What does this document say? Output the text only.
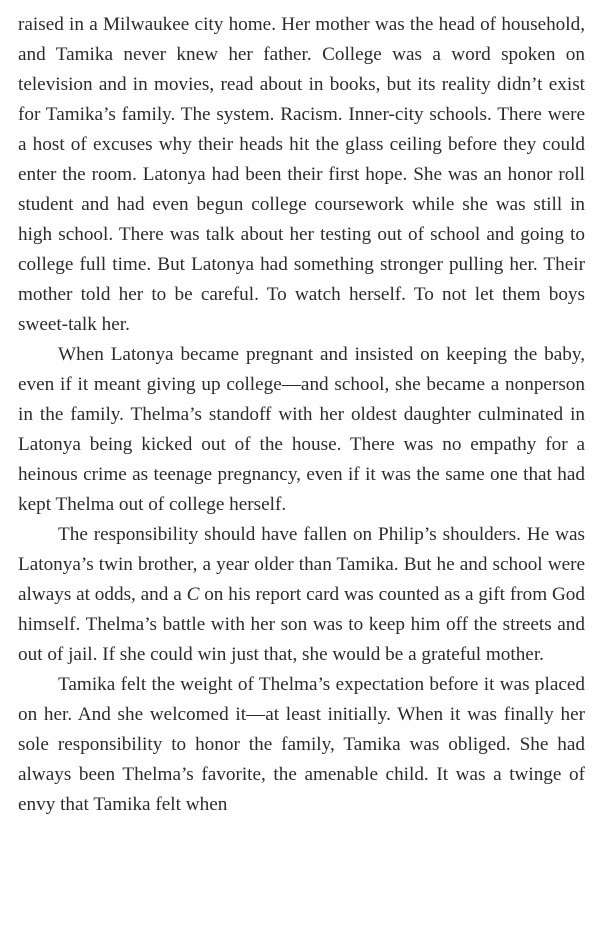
raised in a Milwaukee city home. Her mother was the head of household, and Tamika never knew her father. College was a word spoken on television and in movies, read about in books, but its reality didn’t exist for Tamika’s family. The system. Racism. Inner-city schools. There were a host of excuses why their heads hit the glass ceiling before they could enter the room. Latonya had been their first hope. She was an honor roll student and had even begun college coursework while she was still in high school. There was talk about her testing out of school and going to college full time. But Latonya had something stronger pulling her. Their mother told her to be careful. To watch herself. To not let them boys sweet-talk her.

When Latonya became pregnant and insisted on keeping the baby, even if it meant giving up college—and school, she became a nonperson in the family. Thelma’s standoff with her oldest daughter culminated in Latonya being kicked out of the house. There was no empathy for a heinous crime as teenage pregnancy, even if it was the same one that had kept Thelma out of college herself.

The responsibility should have fallen on Philip’s shoulders. He was Latonya’s twin brother, a year older than Tamika. But he and school were always at odds, and a C on his report card was counted as a gift from God himself. Thelma’s battle with her son was to keep him off the streets and out of jail. If she could win just that, she would be a grateful mother.

Tamika felt the weight of Thelma’s expectation before it was placed on her. And she welcomed it—at least initially. When it was finally her sole responsibility to honor the family, Tamika was obliged. She had always been Thelma’s favorite, the amenable child. It was a twinge of envy that Tamika felt when
